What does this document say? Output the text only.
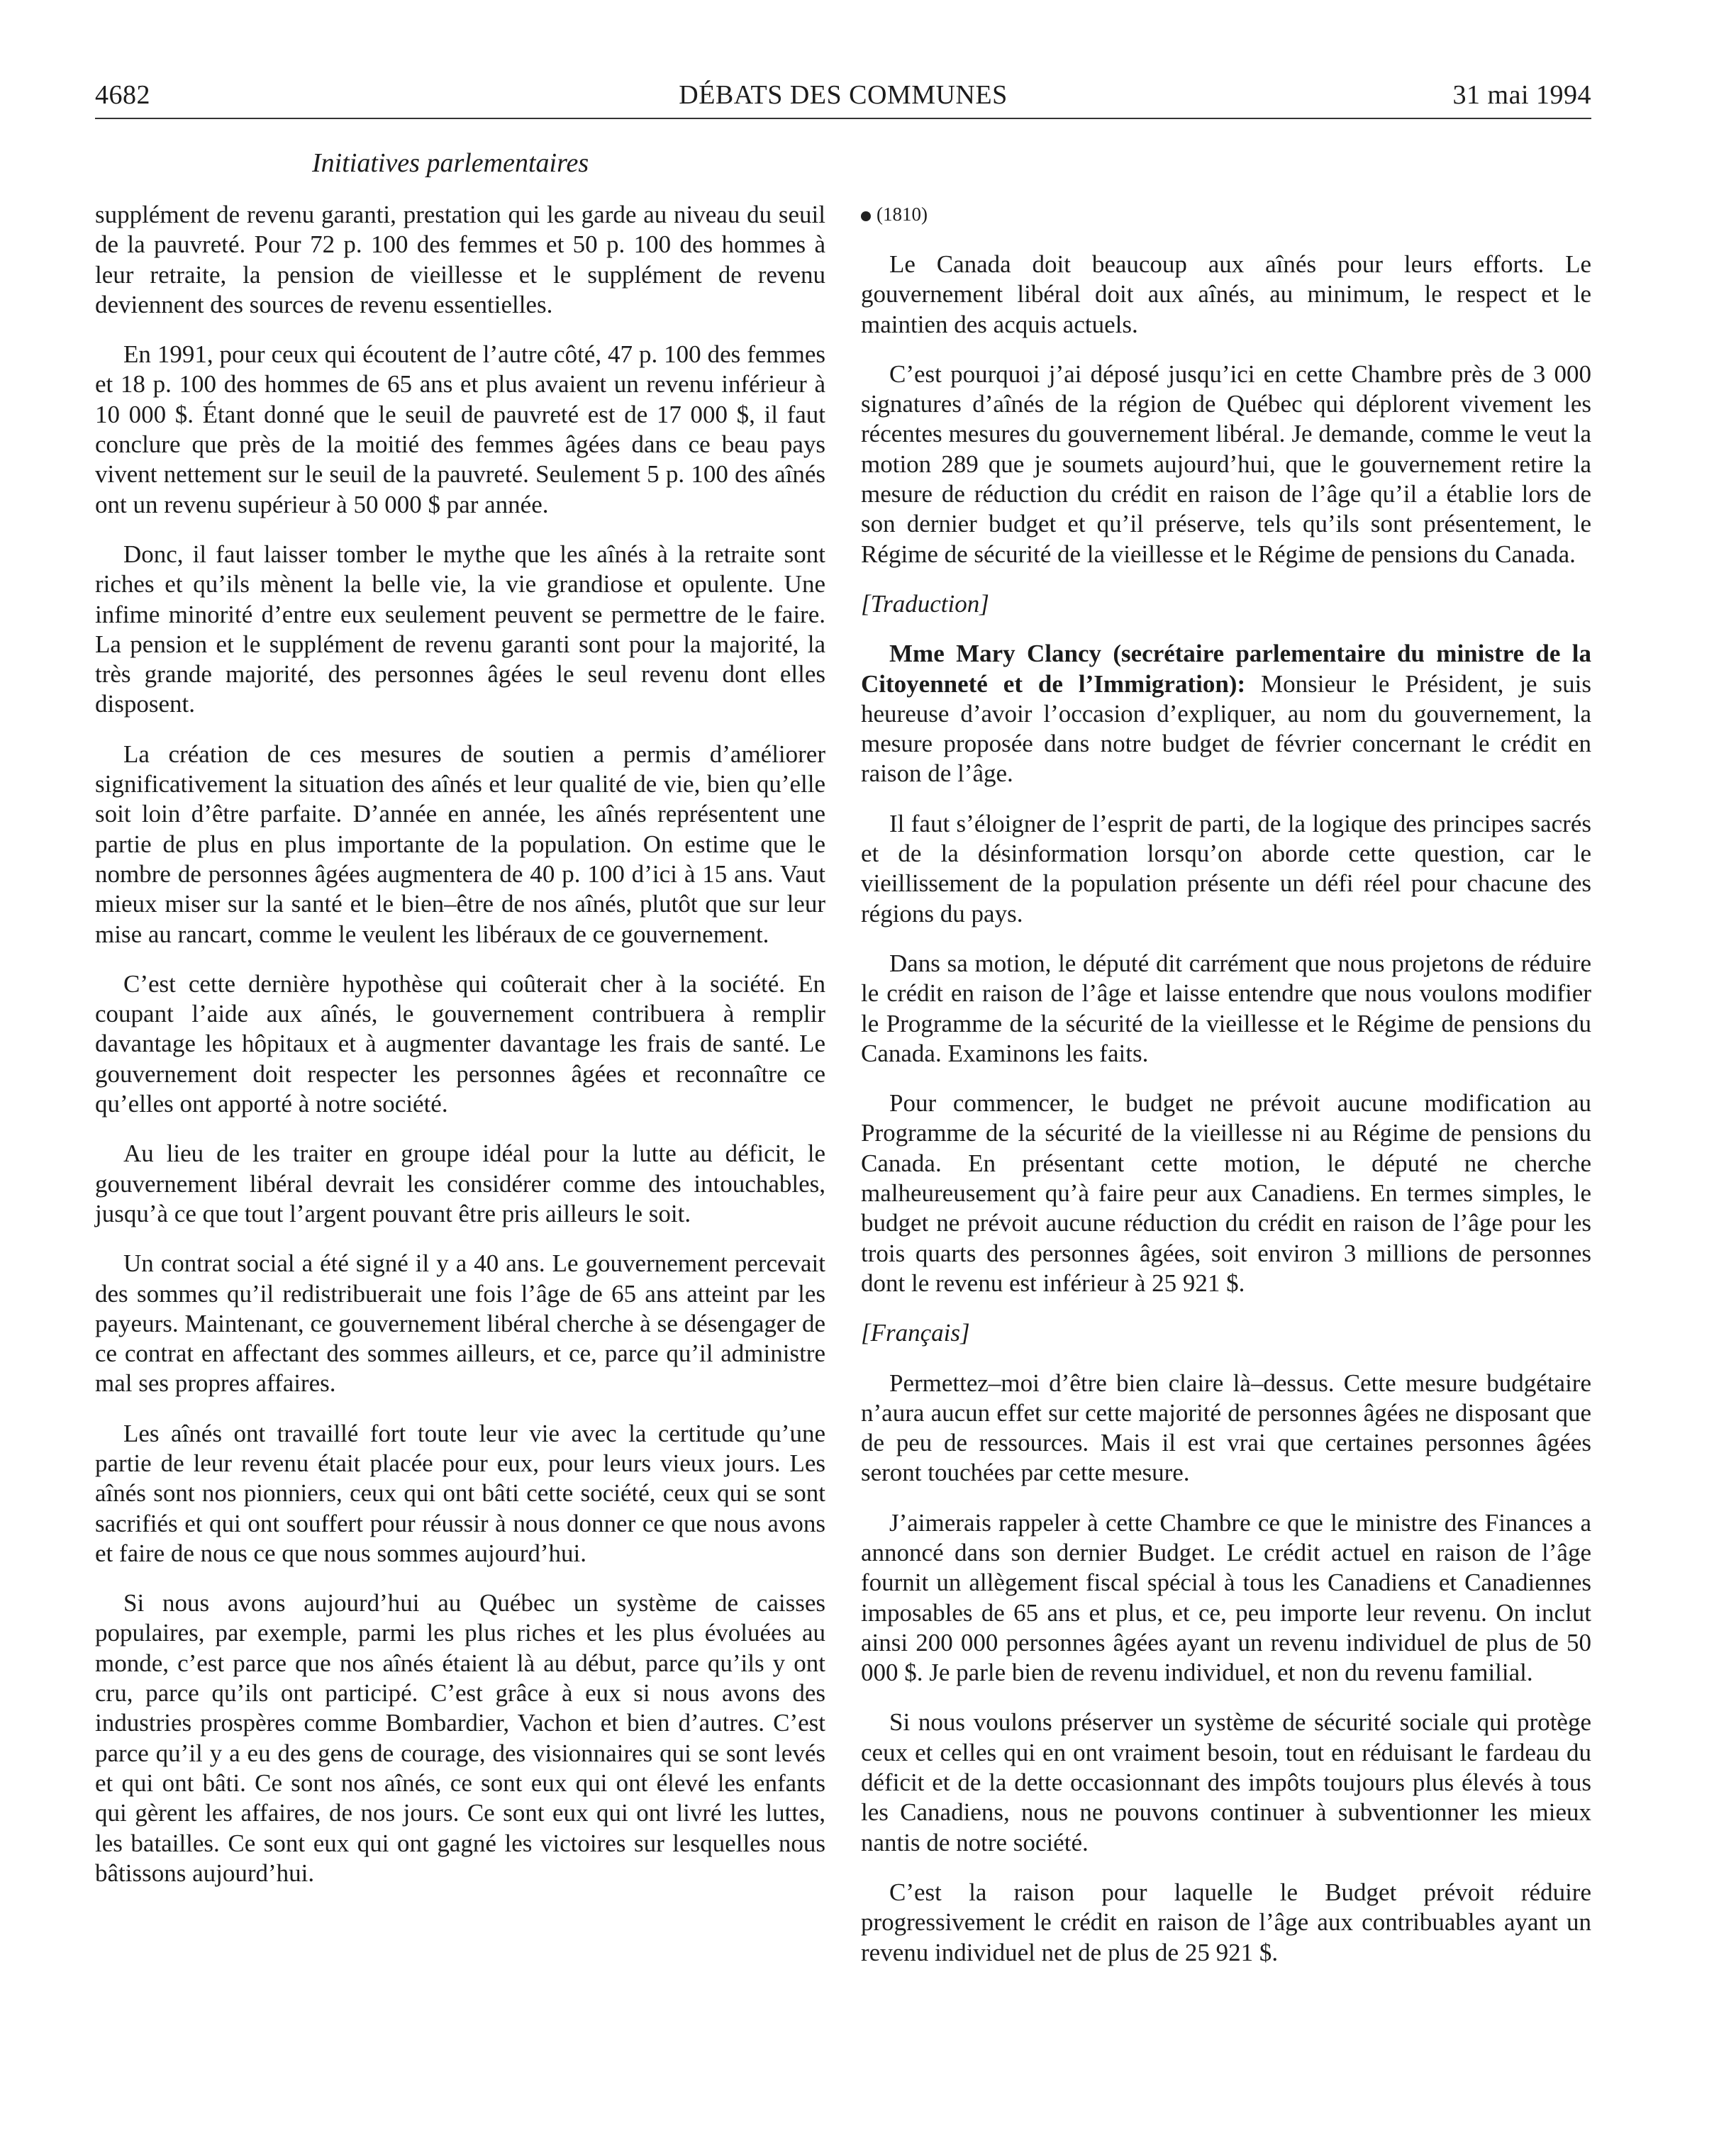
4682	DÉBATS DES COMMUNES	31 mai 1994
Initiatives parlementaires

supplément de revenu garanti, prestation qui les garde au niveau du seuil de la pauvreté. Pour 72 p. 100 des femmes et 50 p. 100 des hommes à leur retraite, la pension de vieillesse et le supplément de revenu deviennent des sources de revenu essentielles.

En 1991, pour ceux qui écoutent de l’autre côté, 47 p. 100 des femmes et 18 p. 100 des hommes de 65 ans et plus avaient un revenu inférieur à 10 000 $. Étant donné que le seuil de pauvreté est de 17 000 $, il faut conclure que près de la moitié des femmes âgées dans ce beau pays vivent nettement sur le seuil de la pauvreté. Seulement 5 p. 100 des aînés ont un revenu supérieur à 50 000 $ par année.

Donc, il faut laisser tomber le mythe que les aînés à la retraite sont riches et qu’ils mènent la belle vie, la vie grandiose et opulente. Une infime minorité d’entre eux seulement peuvent se permettre de le faire. La pension et le supplément de revenu garanti sont pour la majorité, la très grande majorité, des personnes âgées le seul revenu dont elles disposent.

La création de ces mesures de soutien a permis d’améliorer significativement la situation des aînés et leur qualité de vie, bien qu’elle soit loin d’être parfaite. D’année en année, les aînés représentent une partie de plus en plus importante de la population. On estime que le nombre de personnes âgées augmentera de 40 p. 100 d’ici à 15 ans. Vaut mieux miser sur la santé et le bien–être de nos aînés, plutôt que sur leur mise au rancart, comme le veulent les libéraux de ce gouvernement.

C’est cette dernière hypothèse qui coûterait cher à la société. En coupant l’aide aux aînés, le gouvernement contribuera à remplir davantage les hôpitaux et à augmenter davantage les frais de santé. Le gouvernement doit respecter les personnes âgées et reconnaître ce qu’elles ont apporté à notre société.

Au lieu de les traiter en groupe idéal pour la lutte au déficit, le gouvernement libéral devrait les considérer comme des intouchables, jusqu’à ce que tout l’argent pouvant être pris ailleurs le soit.

Un contrat social a été signé il y a 40 ans. Le gouvernement percevait des sommes qu’il redistribuerait une fois l’âge de 65 ans atteint par les payeurs. Maintenant, ce gouvernement libéral cherche à se désengager de ce contrat en affectant des sommes ailleurs, et ce, parce qu’il administre mal ses propres affaires.

Les aînés ont travaillé fort toute leur vie avec la certitude qu’une partie de leur revenu était placée pour eux, pour leurs vieux jours. Les aînés sont nos pionniers, ceux qui ont bâti cette société, ceux qui se sont sacrifiés et qui ont souffert pour réussir à nous donner ce que nous avons et faire de nous ce que nous sommes aujourd’hui.

Si nous avons aujourd’hui au Québec un système de caisses populaires, par exemple, parmi les plus riches et les plus évoluées au monde, c’est parce que nos aînés étaient là au début, parce qu’ils y ont cru, parce qu’ils ont participé. C’est grâce à eux si nous avons des industries prospères comme Bombardier, Vachon et bien d’autres. C’est parce qu’il y a eu des gens de courage, des visionnaires qui se sont levés et qui ont bâti. Ce sont nos aînés, ce sont eux qui ont élevé les enfants qui gèrent les affaires, de nos jours. Ce sont eux qui ont livré les luttes, les batailles. Ce sont eux qui ont gagné les victoires sur lesquelles nous bâtissons aujourd’hui.

(1810)

Le Canada doit beaucoup aux aînés pour leurs efforts. Le gouvernement libéral doit aux aînés, au minimum, le respect et le maintien des acquis actuels.

C’est pourquoi j’ai déposé jusqu’ici en cette Chambre près de 3 000 signatures d’aînés de la région de Québec qui déplorent vivement les récentes mesures du gouvernement libéral. Je demande, comme le veut la motion 289 que je soumets aujourd’hui, que le gouvernement retire la mesure de réduction du crédit en raison de l’âge qu’il a établie lors de son dernier budget et qu’il préserve, tels qu’ils sont présentement, le Régime de sécurité de la vieillesse et le Régime de pensions du Canada.

[Traduction]

Mme Mary Clancy (secrétaire parlementaire du ministre de la Citoyenneté et de l’Immigration): Monsieur le Président, je suis heureuse d’avoir l’occasion d’expliquer, au nom du gouvernement, la mesure proposée dans notre budget de février concernant le crédit en raison de l’âge.

Il faut s’éloigner de l’esprit de parti, de la logique des principes sacrés et de la désinformation lorsqu’on aborde cette question, car le vieillissement de la population présente un défi réel pour chacune des régions du pays.

Dans sa motion, le député dit carrément que nous projetons de réduire le crédit en raison de l’âge et laisse entendre que nous voulons modifier le Programme de la sécurité de la vieillesse et le Régime de pensions du Canada. Examinons les faits.

Pour commencer, le budget ne prévoit aucune modification au Programme de la sécurité de la vieillesse ni au Régime de pensions du Canada. En présentant cette motion, le député ne cherche malheureusement qu’à faire peur aux Canadiens. En termes simples, le budget ne prévoit aucune réduction du crédit en raison de l’âge pour les trois quarts des personnes âgées, soit environ 3 millions de personnes dont le revenu est inférieur à 25 921 $.

[Français]

Permettez–moi d’être bien claire là–dessus. Cette mesure budgétaire n’aura aucun effet sur cette majorité de personnes âgées ne disposant que de peu de ressources. Mais il est vrai que certaines personnes âgées seront touchées par cette mesure.

J’aimerais rappeler à cette Chambre ce que le ministre des Finances a annoncé dans son dernier Budget. Le crédit actuel en raison de l’âge fournit un allègement fiscal spécial à tous les Canadiens et Canadiennes imposables de 65 ans et plus, et ce, peu importe leur revenu. On inclut ainsi 200 000 personnes âgées ayant un revenu individuel de plus de 50 000 $. Je parle bien de revenu individuel, et non du revenu familial.

Si nous voulons préserver un système de sécurité sociale qui protège ceux et celles qui en ont vraiment besoin, tout en réduisant le fardeau du déficit et de la dette occasionnant des impôts toujours plus élevés à tous les Canadiens, nous ne pouvons continuer à subventionner les mieux nantis de notre société.

C’est la raison pour laquelle le Budget prévoit réduire progressivement le crédit en raison de l’âge aux contribuables ayant un revenu individuel net de plus de 25 921 $.
